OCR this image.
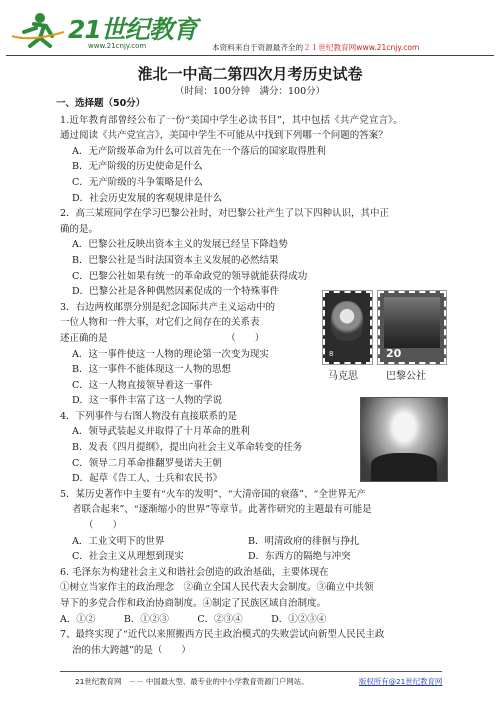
21世纪教育
www.21cnjy.com	本资料来自于资源最齐全的２１世纪教育网www.21cnjy.com
淮北一中高二第四次月考历史试卷
（时间：100分钟　满分：100分）

一、选择题（50分）

1.近年教育部曾经公布了一份“美国中学生必读书目”，其中包括《共产党宣言》。

通过阅读《共产党宣言》，美国中学生不可能从中找到下列哪一个问题的答案？

A．无产阶级革命为什么可以首先在一个落后的国家取得胜利

B．无产阶级的历史使命是什么

C．无产阶级的斗争策略是什么

D．社会历史发展的客观规律是什么

2．高三某班同学在学习巴黎公社时，对巴黎公社产生了以下四种认识，其中正

确的是。

A．巴黎公社反映出资本主义的发展已经呈下降趋势

B．巴黎公社是当时法国资本主义发展的必然结果

C．巴黎公社如果有统一的革命政党的领导就能获得成功

D．巴黎公社是各种偶然因素促成的一个特殊事件

3．右边两枚邮票分别是纪念国际共产主义运动中的

一位人物和一件大事，对它们之间存在的关系表

述正确的是　　　　　　　　　　　　　（　　）

A．这一事件使这一人物的理论第一次变为现实

B．这一事件不能体现这一人物的思想

C．这一人物直接领导着这一事件

D．这一事件丰富了这一人物的学说

4．下列事件与右图人物没有直接联系的是

A．领导武装起义并取得了十月革命的胜利

B．发表《四月提纲》，提出向社会主义革命转变的任务

C．领导二月革命推翻罗曼诺夫王朝

D．起草《告工人、士兵和农民书》

5．某历史著作中主要有“火车的发明”、“大清帝国的衰落”、“全世界无产

者联合起来”、“逐渐缩小的世界”等章节。此著作研究的主题最有可能是

（　　）

A．工业文明下的世界	B．明清政府的徘徊与挣扎

C．社会主义从理想到现实	D．东西方的隔绝与冲突

6. 毛泽东为构建社会主义和谐社会创造的政治基础，主要体现在

①树立当家作主的政治理念　②确立全国人民代表大会制度。③确立中共领

导下的多党合作和政治协商制度。④制定了民族区域自治制度。

A．①②　　　B．①②③　　　C．②③④　　　D．①②③④

7、最终实现了“近代以来照搬西方民主政治模式的失败尝试向新型人民民主政

治的伟大跨越”的是（　　）

8	20
马克思	巴黎公社
21世纪教育网　－－ 中国最大型、最专业的中小学教育资源门户网站。	版权所有@21世纪教育网
